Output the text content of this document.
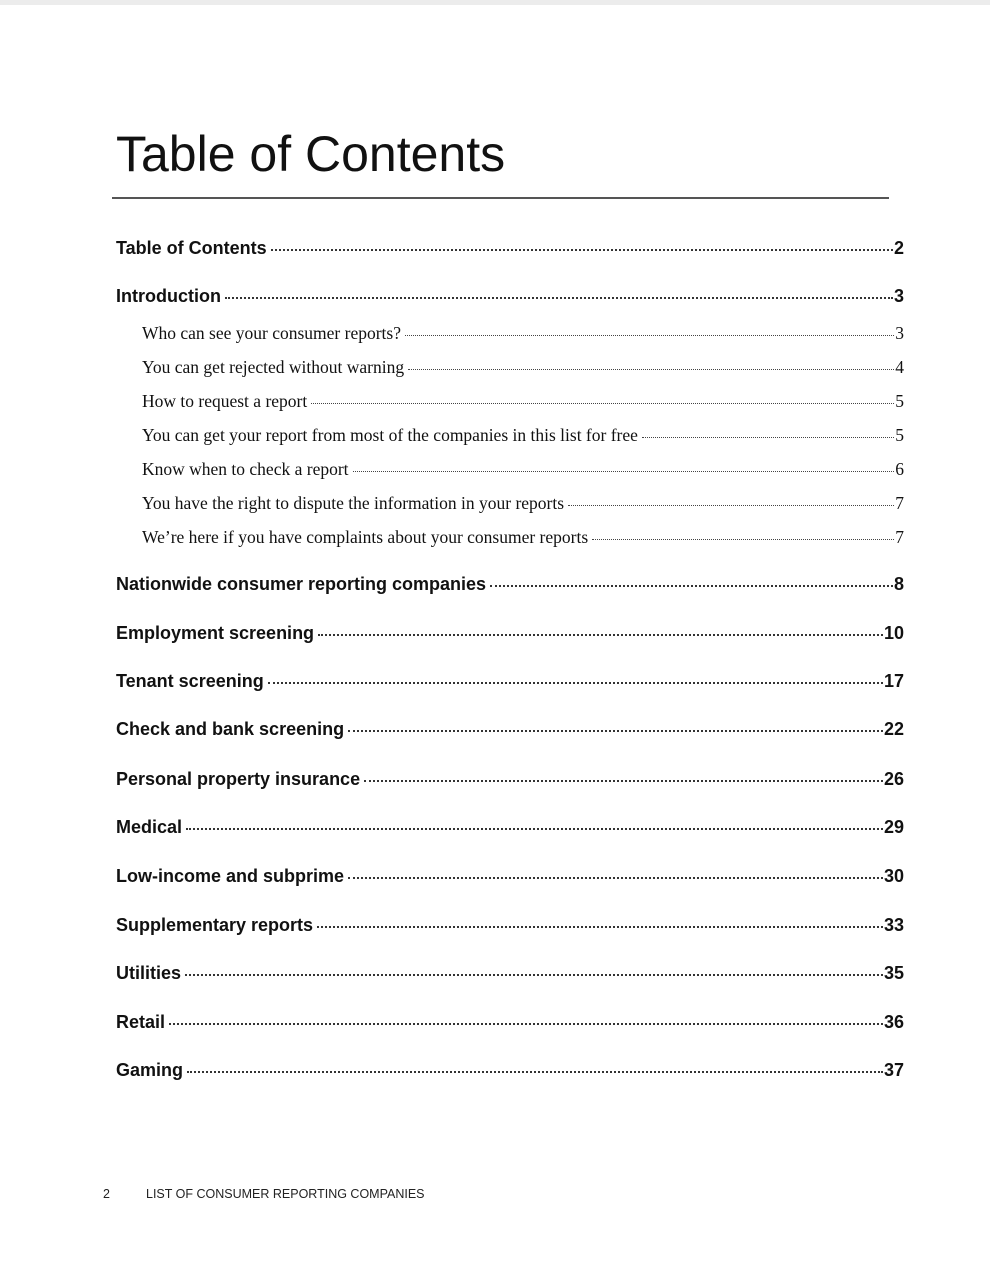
Table of Contents
Table of Contents	2
Introduction	3
Who can see your consumer reports?	3
You can get rejected without warning	4
How to request a report	5
You can get your report from most of the companies in this list for free	5
Know when to check a report	6
You have the right to dispute the information in your reports	7
We’re here if you have complaints about your consumer reports	7
Nationwide consumer reporting companies	8
Employment screening	10
Tenant screening	17
Check and bank screening	22
Personal property insurance	26
Medical	29
Low-income and subprime	30
Supplementary reports	33
Utilities	35
Retail	36
Gaming	37
2	LIST OF CONSUMER REPORTING COMPANIES
